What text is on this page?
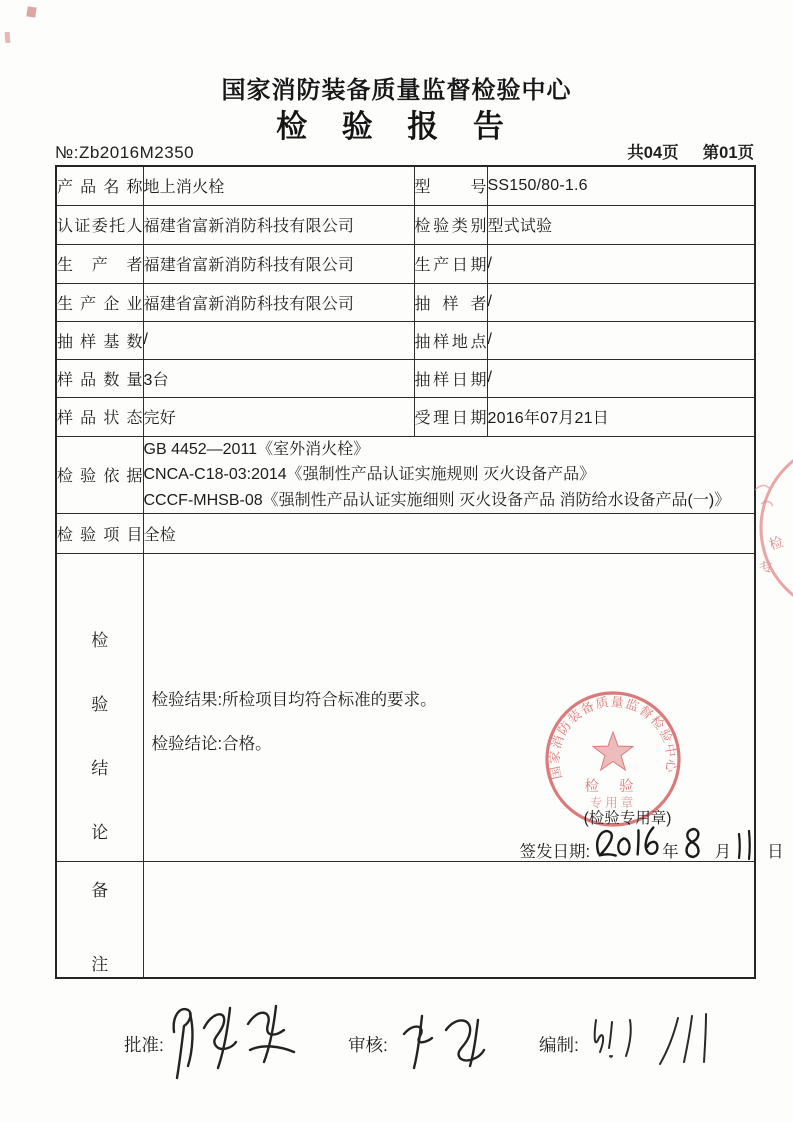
国家消防装备质量监督检验中心
检 验 报 告
№:Zb2016M2350	共04页 第01页
产品名称	地上消火栓	型号	SS150/80-1.6
认证委托人	福建省富新消防科技有限公司	检验类别	型式试验
生产者	福建省富新消防科技有限公司	生产日期	/
生产企业	福建省富新消防科技有限公司	抽样者	/
抽样基数	/	抽样地点	/
样品数量	3台	抽样日期	/
样品状态	完好	受理日期	2016年07月21日
检验依据	GB 4452—2011《室外消火栓》
CNCA-C18-03:2014《强制性产品认证实施规则 灭火设备产品》
CCCF-MHSB-08《强制性产品认证实施细则 灭火设备产品 消防给水设备产品(一)》		

检验项目	全检		

检
验
结
论

检验结果:所检项目均符合标准的要求。
检验结论:合格。
国家消防装备质量监督检验中心
检 验
专用章
(检验专用章)
签发日期:	年	月	日

备
注			

批准:	审核:	编制:
检
专
